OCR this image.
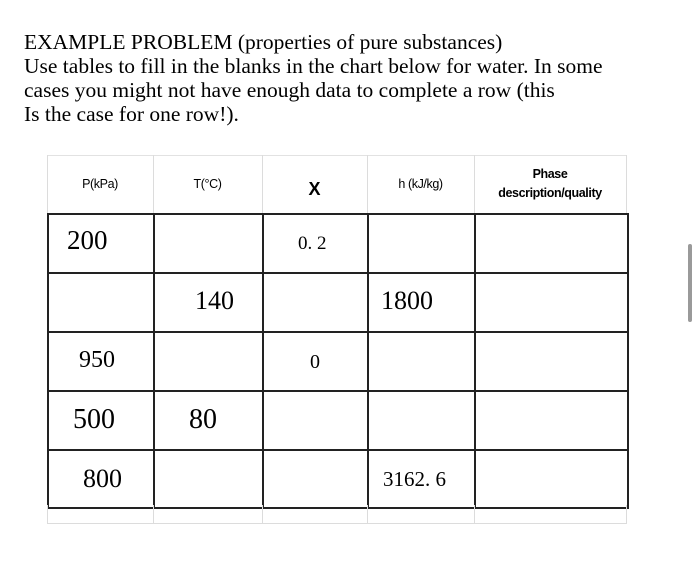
EXAMPLE PROBLEM (properties of pure substances)
Use tables to fill in the blanks in the chart below for water. In some
cases you might not have enough data to complete a row (this
Is the case for one row!).
P(kPa)	T(°C)	X	h (kJ/kg)
Phase
description/quality
200		0. 2		

	140		1800	

950		0		

500	80			

800			3162. 6	
